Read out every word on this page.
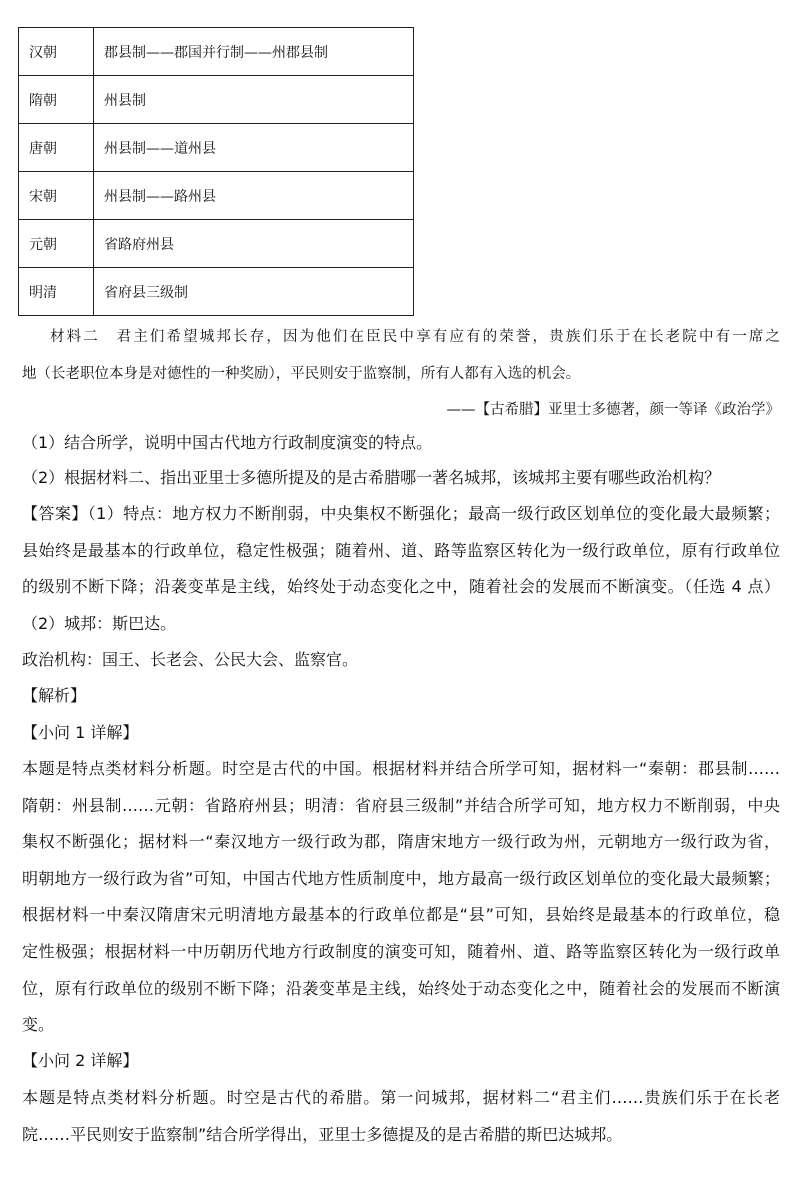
汉朝	郡县制——郡国并行制——州郡县制
隋朝	州县制
唐朝	州县制——道州县
宋朝	州县制——路州县
元朝	省路府州县
明清	省府县三级制
材料二　君主们希望城邦长存，因为他们在臣民中享有应有的荣誉，贵族们乐于在长老院中有一席之
地（长老职位本身是对德性的一种奖励），平民则安于监察制，所有人都有入选的机会。
——【古希腊】亚里士多德著，颜一等译《政治学》
（1）结合所学，说明中国古代地方行政制度演变的特点。
（2）根据材料二、指出亚里士多德所提及的是古希腊哪一著名城邦，该城邦主要有哪些政治机构？
【答案】（1）特点：地方权力不断削弱，中央集权不断强化；最高一级行政区划单位的变化最大最频繁；
县始终是最基本的行政单位，稳定性极强；随着州、道、路等监察区转化为一级行政单位，原有行政单位
的级别不断下降；沿袭变革是主线，始终处于动态变化之中，随着社会的发展而不断演变。（任选 4 点）
（2）城邦：斯巴达。
政治机构：国王、长老会、公民大会、监察官。
【解析】
【小问 1 详解】
本题是特点类材料分析题。时空是古代的中国。根据材料并结合所学可知，据材料一“秦朝：郡县制……
隋朝：州县制……元朝：省路府州县；明清：省府县三级制”并结合所学可知，地方权力不断削弱，中央
集权不断强化；据材料一“秦汉地方一级行政为郡，隋唐宋地方一级行政为州，元朝地方一级行政为省，
明朝地方一级行政为省”可知，中国古代地方性质制度中，地方最高一级行政区划单位的变化最大最频繁；
根据材料一中秦汉隋唐宋元明清地方最基本的行政单位都是“县”可知，县始终是最基本的行政单位，稳
定性极强；根据材料一中历朝历代地方行政制度的演变可知，随着州、道、路等监察区转化为一级行政单
位，原有行政单位的级别不断下降；沿袭变革是主线，始终处于动态变化之中，随着社会的发展而不断演
变。
【小问 2 详解】
本题是特点类材料分析题。时空是古代的希腊。第一问城邦，据材料二“君主们……贵族们乐于在长老
院……平民则安于监察制”结合所学得出，亚里士多德提及的是古希腊的斯巴达城邦。
